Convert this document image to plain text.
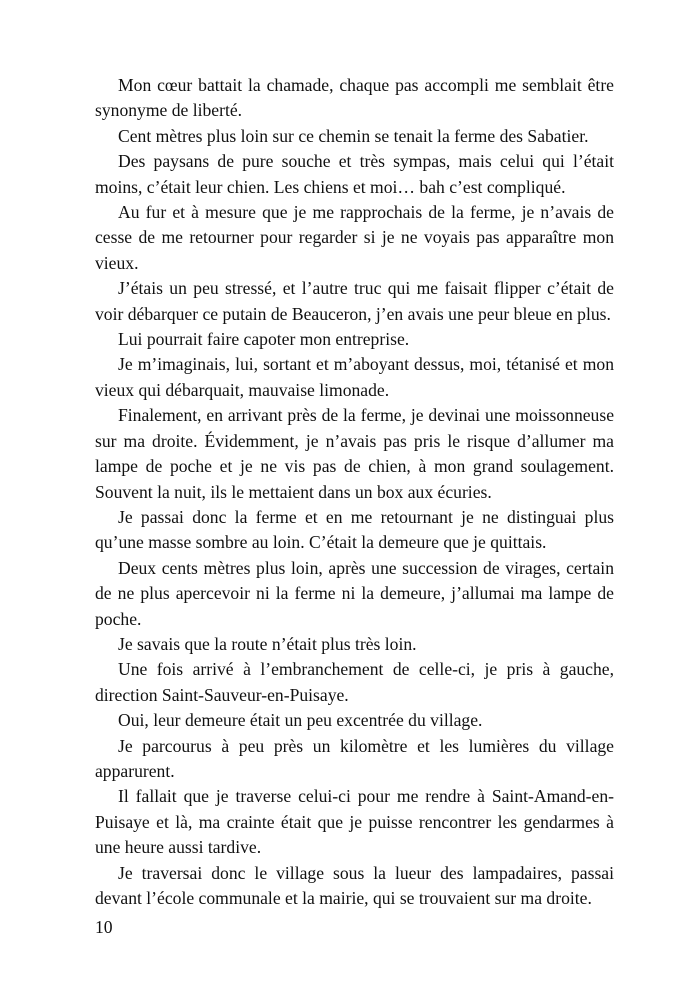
Mon cœur battait la chamade, chaque pas accompli me semblait être synonyme de liberté.

Cent mètres plus loin sur ce chemin se tenait la ferme des Sabatier.

Des paysans de pure souche et très sympas, mais celui qui l’était moins, c’était leur chien. Les chiens et moi… bah c’est compliqué.

Au fur et à mesure que je me rapprochais de la ferme, je n’avais de cesse de me retourner pour regarder si je ne voyais pas apparaître mon vieux.

J’étais un peu stressé, et l’autre truc qui me faisait flipper c’était de voir débarquer ce putain de Beauceron, j’en avais une peur bleue en plus.

Lui pourrait faire capoter mon entreprise.

Je m’imaginais, lui, sortant et m’aboyant dessus, moi, tétanisé et mon vieux qui débarquait, mauvaise limonade.

Finalement, en arrivant près de la ferme, je devinai une moissonneuse sur ma droite. Évidemment, je n’avais pas pris le risque d’allumer ma lampe de poche et je ne vis pas de chien, à mon grand soulagement. Souvent la nuit, ils le mettaient dans un box aux écuries.

Je passai donc la ferme et en me retournant je ne distinguai plus qu’une masse sombre au loin. C’était la demeure que je quittais.

Deux cents mètres plus loin, après une succession de virages, certain de ne plus apercevoir ni la ferme ni la demeure, j’allumai ma lampe de poche.

Je savais que la route n’était plus très loin.

Une fois arrivé à l’embranchement de celle-ci, je pris à gauche, direction Saint-Sauveur-en-Puisaye.

Oui, leur demeure était un peu excentrée du village.

Je parcourus à peu près un kilomètre et les lumières du village apparurent.

Il fallait que je traverse celui-ci pour me rendre à Saint-Amand-en-Puisaye et là, ma crainte était que je puisse rencontrer les gendarmes à une heure aussi tardive.

Je traversai donc le village sous la lueur des lampadaires, passai devant l’école communale et la mairie, qui se trouvaient sur ma droite.

10
